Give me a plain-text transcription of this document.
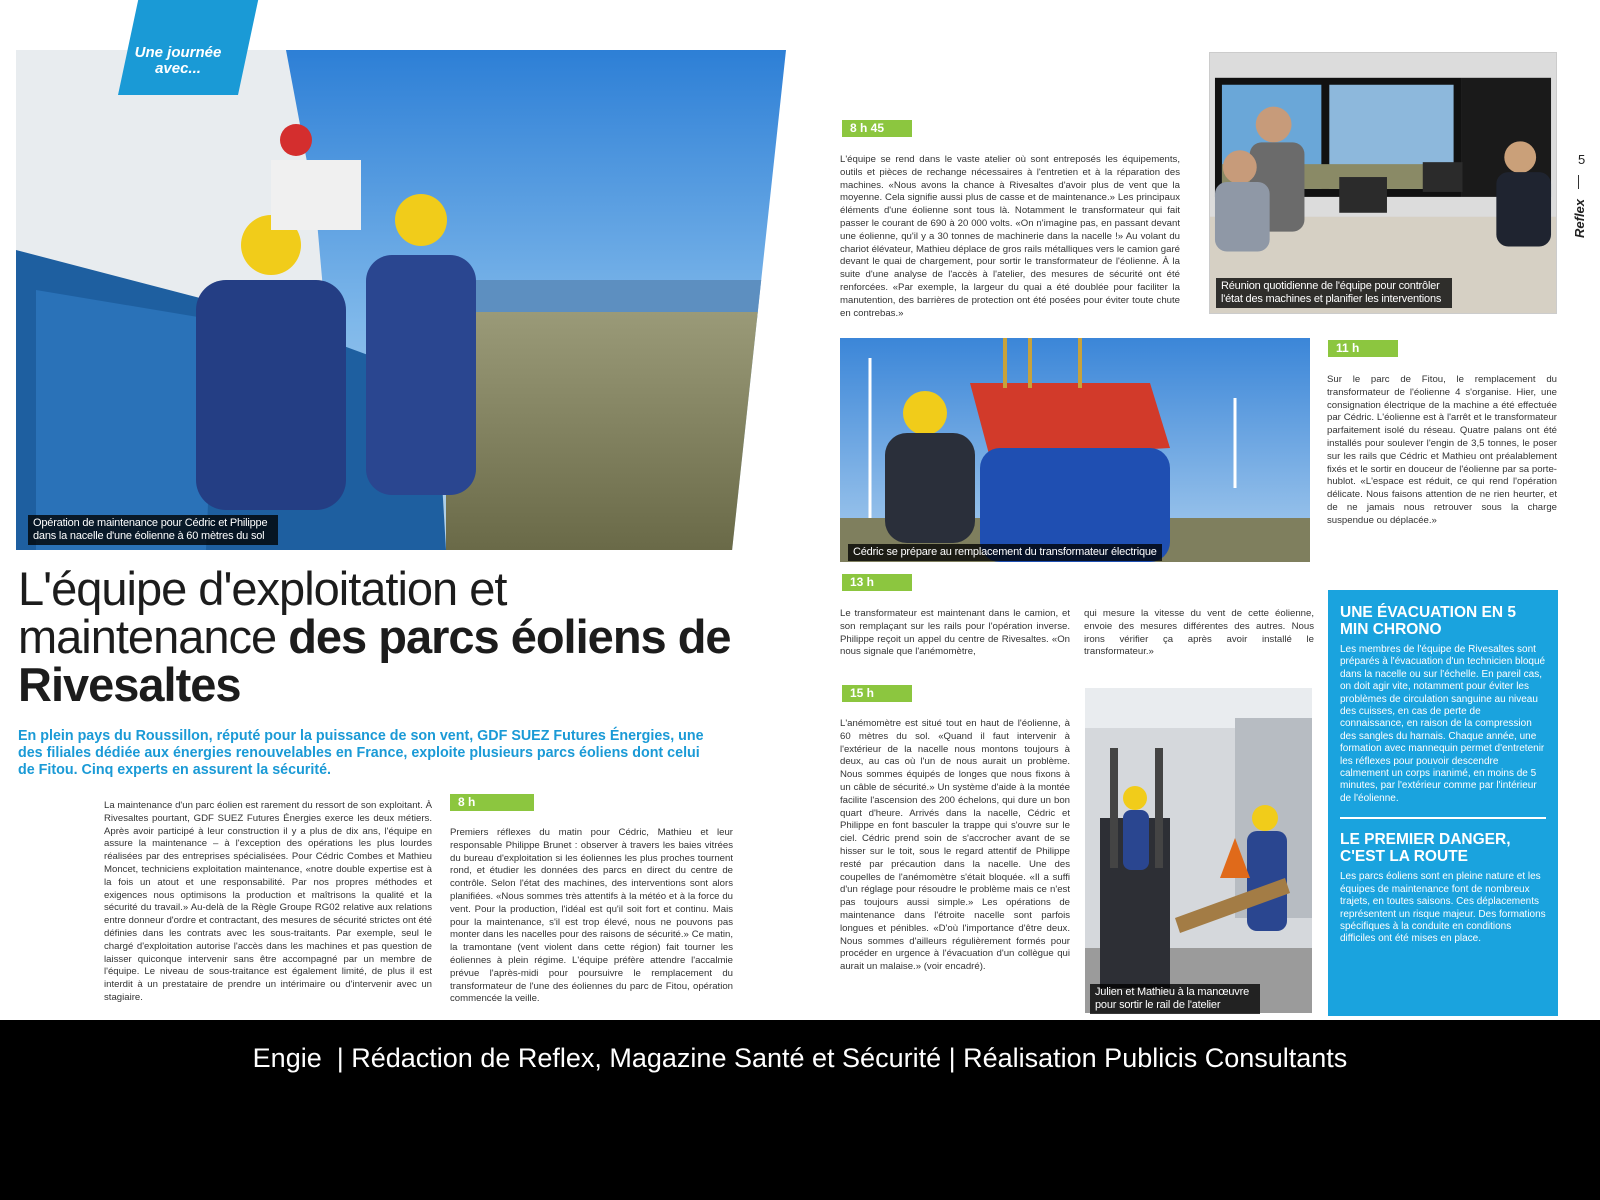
Opération de maintenance pour Cédric et Philippe dans la nacelle d'une éolienne à 60 mètres du sol
Une journée avec...
L'équipe d'exploitation et maintenance des parcs éoliens de Rivesaltes
En plein pays du Roussillon, réputé pour la puissance de son vent, GDF SUEZ Futures Énergies, une des filiales dédiée aux énergies renouvelables en France, exploite plusieurs parcs éoliens dont celui de Fitou. Cinq experts en assurent la sécurité.
La maintenance d'un parc éolien est rarement du ressort de son exploitant. À Rivesaltes pourtant, GDF SUEZ Futures Énergies exerce les deux métiers. Après avoir participé à leur construction il y a plus de dix ans, l'équipe en assure la maintenance – à l'exception des opérations les plus lourdes réalisées par des entreprises spécialisées. Pour Cédric Combes et Mathieu Moncet, techniciens exploitation maintenance, «notre double expertise est à la fois un atout et une responsabilité. Par nos propres méthodes et exigences nous optimisons la production et maîtrisons la qualité et la sécurité du travail.» Au-delà de la Règle Groupe RG02 relative aux relations entre donneur d'ordre et contractant, des mesures de sécurité strictes ont été définies dans les contrats avec les sous-traitants. Par exemple, seul le chargé d'exploitation autorise l'accès dans les machines et pas question de laisser quiconque intervenir sans être accompagné par un membre de l'équipe. Le niveau de sous-traitance est également limité, de plus il est interdit à un prestataire de prendre un intérimaire ou d'intervenir avec un stagiaire.
8 h
Premiers réflexes du matin pour Cédric, Mathieu et leur responsable Philippe Brunet : observer à travers les baies vitrées du bureau d'exploitation si les éoliennes les plus proches tournent rond, et étudier les données des parcs en direct du centre de contrôle. Selon l'état des machines, des interventions sont alors planifiées. «Nous sommes très attentifs à la météo et à la force du vent. Pour la production, l'idéal est qu'il soit fort et continu. Mais pour la maintenance, s'il est trop élevé, nous ne pouvons pas monter dans les nacelles pour des raisons de sécurité.» Ce matin, la tramontane (vent violent dans cette région) fait tourner les éoliennes à plein régime. L'équipe préfère attendre l'accalmie prévue l'après-midi pour poursuivre le remplacement du transformateur de l'une des éoliennes du parc de Fitou, opération commencée la veille.
8 h 45
L'équipe se rend dans le vaste atelier où sont entreposés les équipements, outils et pièces de rechange nécessaires à l'entretien et à la réparation des machines. «Nous avons la chance à Rivesaltes d'avoir plus de vent que la moyenne. Cela signifie aussi plus de casse et de maintenance.» Les principaux éléments d'une éolienne sont tous là. Notamment le transformateur qui fait passer le courant de 690 à 20 000 volts. «On n'imagine pas, en passant devant une éolienne, qu'il y a 30 tonnes de machinerie dans la nacelle !» Au volant du chariot élévateur, Mathieu déplace de gros rails métalliques vers le camion garé devant le quai de chargement, pour sortir le transformateur de l'éolienne. À la suite d'une analyse de l'accès à l'atelier, des mesures de sécurité ont été renforcées. «Par exemple, la largeur du quai a été doublée pour faciliter la manutention, des barrières de protection ont été posées pour éviter toute chute en contrebas.»
Réunion quotidienne de l'équipe pour contrôler l'état des machines et planifier les interventions
5
Reflex
Cédric se prépare au remplacement du transformateur électrique
11 h
Sur le parc de Fitou, le remplacement du transformateur de l'éolienne 4 s'organise. Hier, une consignation électrique de la machine a été effectuée par Cédric. L'éolienne est à l'arrêt et le transformateur parfaitement isolé du réseau. Quatre palans ont été installés pour soulever l'engin de 3,5 tonnes, le poser sur les rails que Cédric et Mathieu ont préalablement fixés et le sortir en douceur de l'éolienne par sa porte-hublot. «L'espace est réduit, ce qui rend l'opération délicate. Nous faisons attention de ne rien heurter, et de ne jamais nous retrouver sous la charge suspendue ou déplacée.»
13 h
Le transformateur est maintenant dans le camion, et son remplaçant sur les rails pour l'opération inverse. Philippe reçoit un appel du centre de Rivesaltes. «On nous signale que l'anémomètre,
qui mesure la vitesse du vent de cette éolienne, envoie des mesures différentes des autres. Nous irons vérifier ça après avoir installé le transformateur.»
15 h
L'anémomètre est situé tout en haut de l'éolienne, à 60 mètres du sol. «Quand il faut intervenir à l'extérieur de la nacelle nous montons toujours à deux, au cas où l'un de nous aurait un problème. Nous sommes équipés de longes que nous fixons à un câble de sécurité.» Un système d'aide à la montée facilite l'ascension des 200 échelons, qui dure un bon quart d'heure. Arrivés dans la nacelle, Cédric et Philippe en font basculer la trappe qui s'ouvre sur le ciel. Cédric prend soin de s'accrocher avant de se hisser sur le toit, sous le regard attentif de Philippe resté par précaution dans la nacelle. Une des coupelles de l'anémomètre s'était bloquée. «Il a suffi d'un réglage pour résoudre le problème mais ce n'est pas toujours aussi simple.» Les opérations de maintenance dans l'étroite nacelle sont parfois longues et pénibles. «D'où l'importance d'être deux. Nous sommes d'ailleurs régulièrement formés pour procéder en urgence à l'évacuation d'un collègue qui aurait un malaise.» (voir encadré).
Julien et Mathieu à la manœuvre pour sortir le rail de l'atelier
UNE ÉVACUATION EN 5 MIN CHRONO
Les membres de l'équipe de Rivesaltes sont préparés à l'évacuation d'un technicien bloqué dans la nacelle ou sur l'échelle. En pareil cas, on doit agir vite, notamment pour éviter les problèmes de circulation sanguine au niveau des cuisses, en cas de perte de connaissance, en raison de la compression des sangles du harnais. Chaque année, une formation avec mannequin permet d'entretenir les réflexes pour pouvoir descendre calmement un corps inanimé, en moins de 5 minutes, par l'extérieur comme par l'intérieur de l'éolienne.
LE PREMIER DANGER, C'EST LA ROUTE
Les parcs éoliens sont en pleine nature et les équipes de maintenance font de nombreux trajets, en toutes saisons. Ces déplacements représentent un risque majeur. Des formations spécifiques à la conduite en conditions difficiles ont été mises en place.
Engie  | Rédaction de Reflex, Magazine Santé et Sécurité | Réalisation Publicis Consultants
